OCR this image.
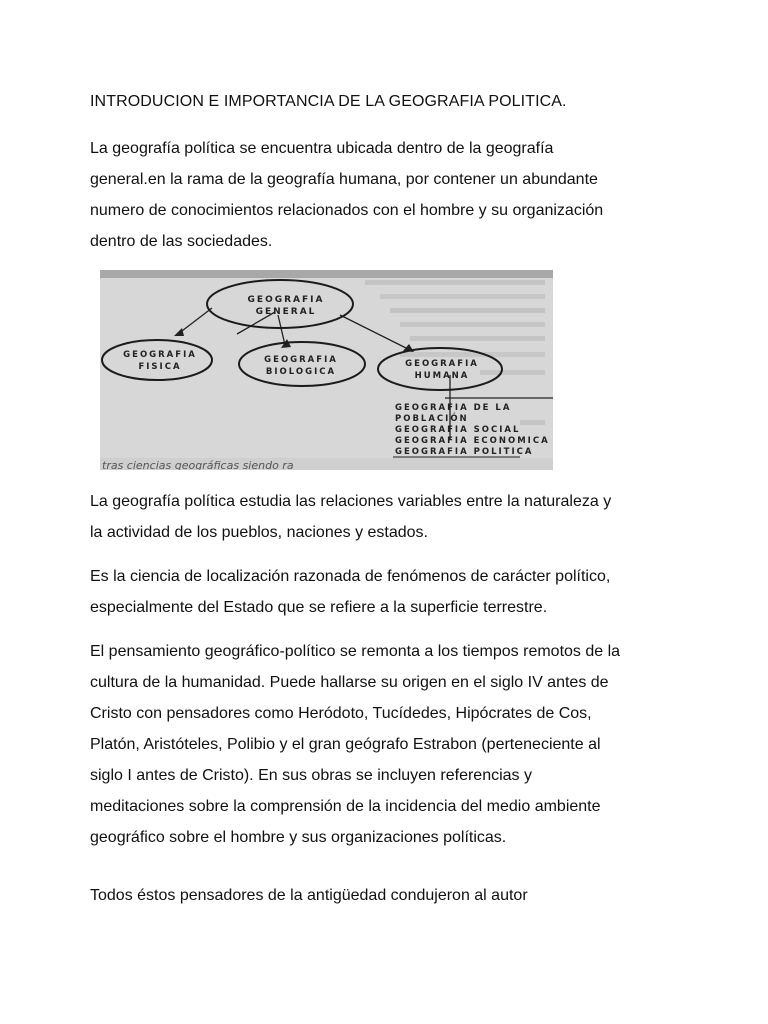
INTRODUCION E IMPORTANCIA DE LA GEOGRAFIA POLITICA.
La geografía política se encuentra ubicada dentro de la geografía
general.en la rama de la geografía humana, por contener un abundante
numero de conocimientos relacionados con el hombre y su organización
dentro de las sociedades.
GEOGRAFIA
GENERAL
GEOGRAFIA
FISICA
GEOGRAFIA
BIOLOGICA
GEOGRAFIA
HUMANA
GEOGRAFIA DE LA
POBLACIÓN
GEOGRAFIA SOCIAL
GEOGRAFIA ECONOMICA
GEOGRAFIA POLITICA
tras ciencias geográficas siendo ra
La geografía política estudia las relaciones variables entre la naturaleza y
la actividad de los pueblos, naciones y estados.
Es la ciencia de localización razonada de fenómenos de carácter político,
especialmente del Estado que se refiere a la superficie terrestre.
El pensamiento geográfico-político se remonta a los tiempos remotos de la
cultura de la humanidad. Puede hallarse su origen en el siglo IV antes de
Cristo con pensadores como Heródoto, Tucídedes, Hipócrates de Cos,
Platón, Aristóteles, Polibio y el gran geógrafo Estrabon (perteneciente al
siglo I antes de Cristo). En sus obras se incluyen referencias y
meditaciones sobre la comprensión de la incidencia del medio ambiente
geográfico sobre el hombre y sus organizaciones políticas.
Todos éstos pensadores de la antigüedad condujeron al autor
